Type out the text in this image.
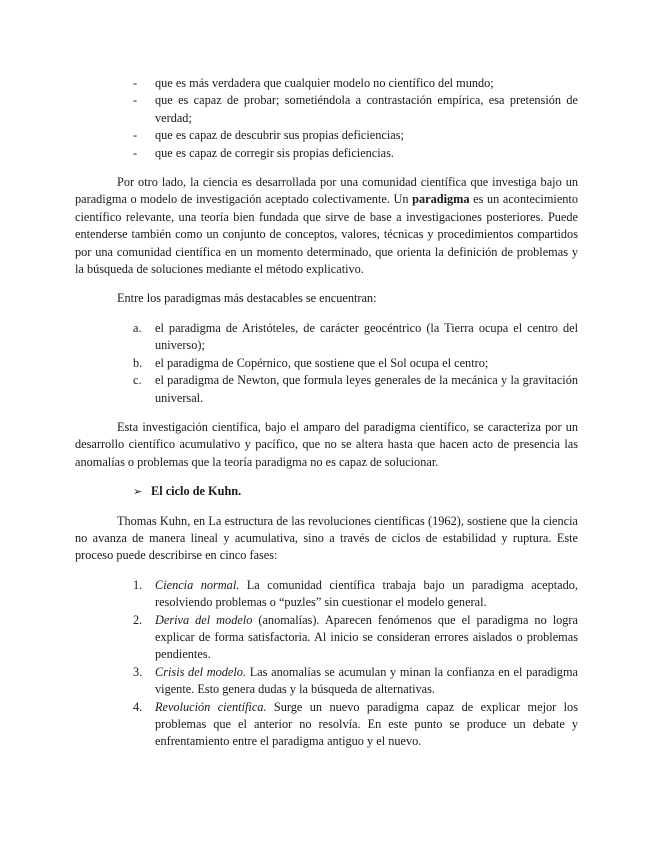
- que es más verdadera que cualquier modelo no científico del mundo;
- que es capaz de probar; sometiéndola a contrastación empírica, esa pretensión de verdad;
- que es capaz de descubrir sus propias deficiencias;
- que es capaz de corregir sis propias deficiencias.

Por otro lado, la ciencia es desarrollada por una comunidad científica que investiga bajo un paradigma o modelo de investigación aceptado colectivamente. Un paradigma es un acontecimiento científico relevante, una teoría bien fundada que sirve de base a investigaciones posteriores. Puede entenderse también como un conjunto de conceptos, valores, técnicas y procedimientos compartidos por una comunidad científica en un momento determinado, que orienta la definición de problemas y la búsqueda de soluciones mediante el método explicativo.

Entre los paradigmas más destacables se encuentran:

a. el paradigma de Aristóteles, de carácter geocéntrico (la Tierra ocupa el centro del universo);
b. el paradigma de Copérnico, que sostiene que el Sol ocupa el centro;
c. el paradigma de Newton, que formula leyes generales de la mecánica y la gravitación universal.

Esta investigación científica, bajo el amparo del paradigma científico, se caracteriza por un desarrollo científico acumulativo y pacífico, que no se altera hasta que hacen acto de presencia las anomalías o problemas que la teoría paradigma no es capaz de solucionar.

➢ El ciclo de Kuhn.

Thomas Kuhn, en La estructura de las revoluciones científicas (1962), sostiene que la ciencia no avanza de manera lineal y acumulativa, sino a través de ciclos de estabilidad y ruptura. Este proceso puede describirse en cinco fases:

1. Ciencia normal. La comunidad científica trabaja bajo un paradigma aceptado, resolviendo problemas o “puzles” sin cuestionar el modelo general.
2. Deriva del modelo (anomalías). Aparecen fenómenos que el paradigma no logra explicar de forma satisfactoria. Al inicio se consideran errores aislados o problemas pendientes.
3. Crisis del modelo. Las anomalías se acumulan y minan la confianza en el paradigma vigente. Esto genera dudas y la búsqueda de alternativas.
4. Revolución científica. Surge un nuevo paradigma capaz de explicar mejor los problemas que el anterior no resolvía. En este punto se produce un debate y enfrentamiento entre el paradigma antiguo y el nuevo.
